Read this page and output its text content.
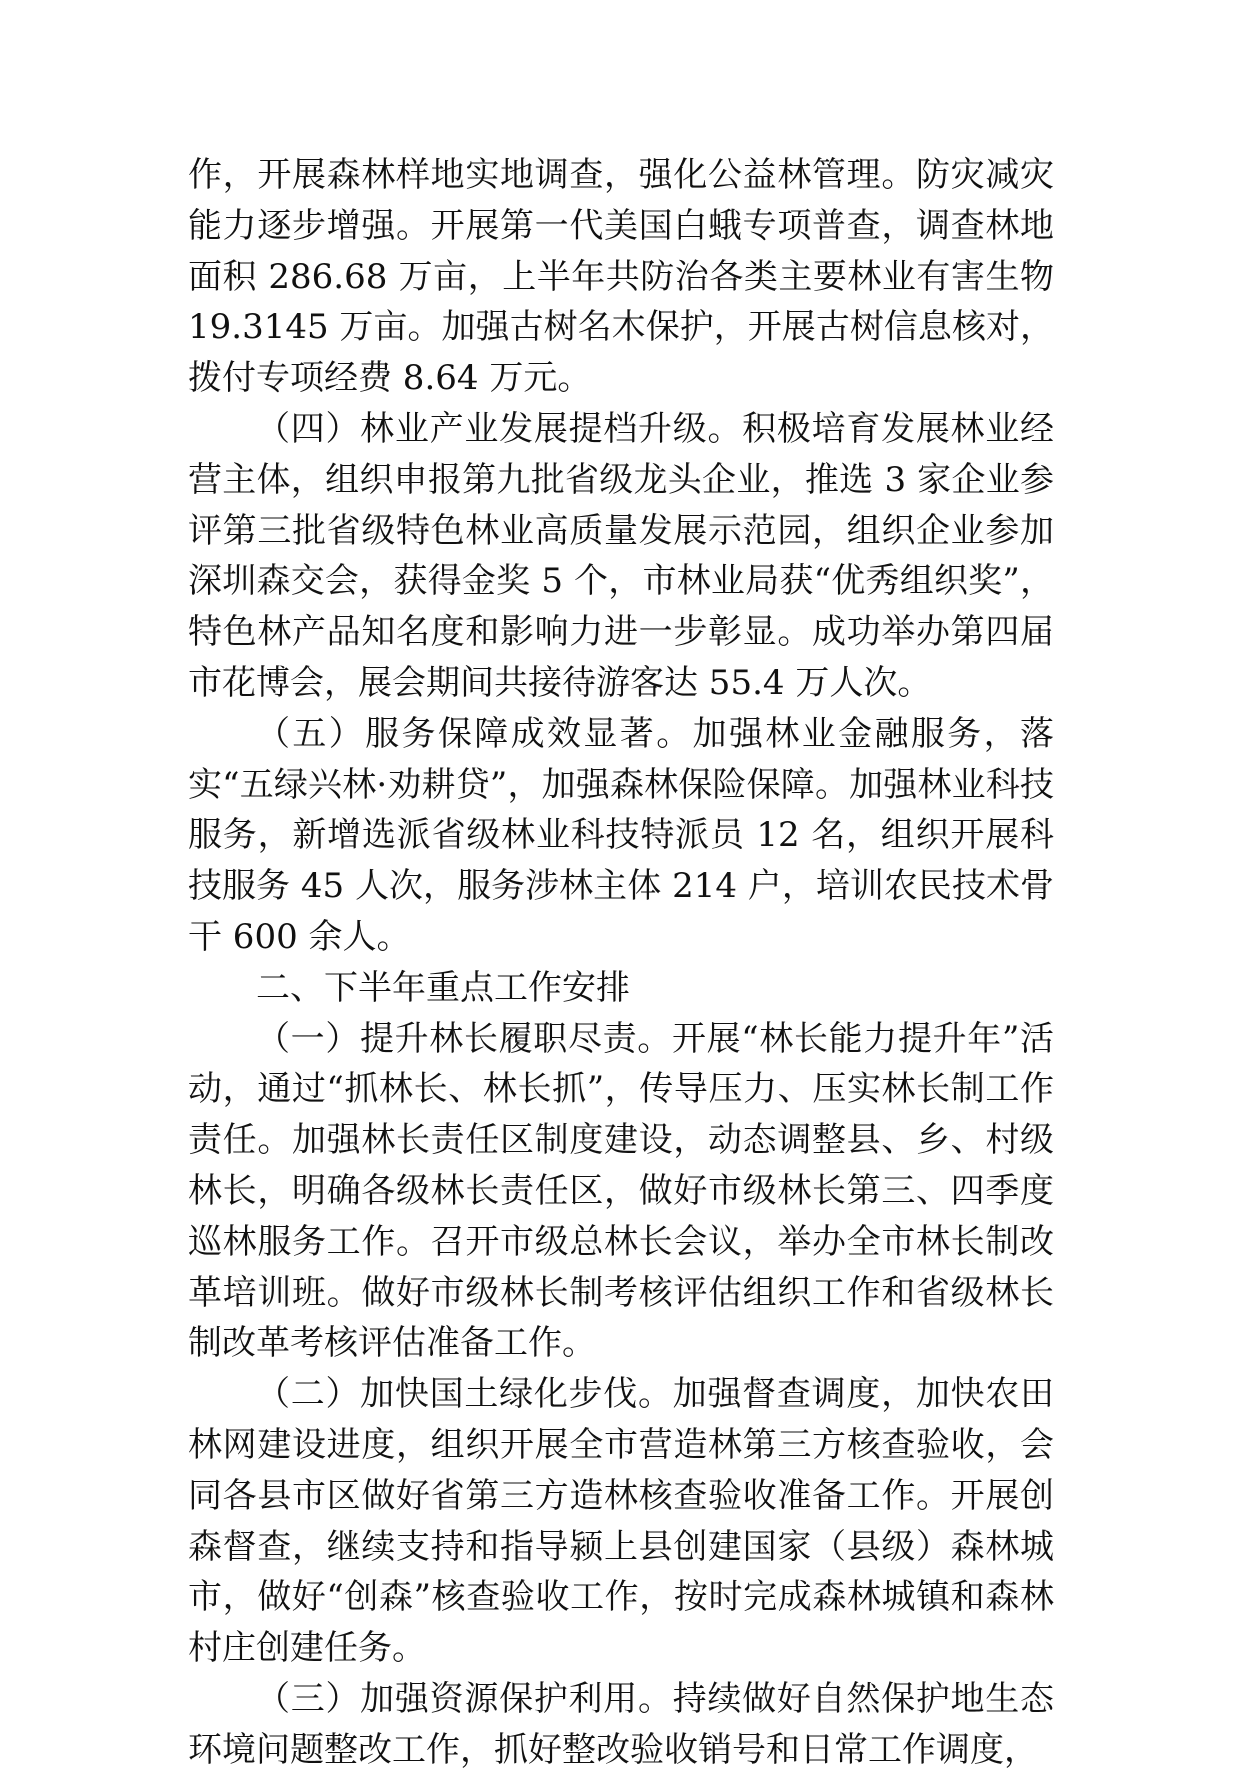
作，开展森林样地实地调查，强化公益林管理。防灾减灾能力逐步增强。开展第一代美国白蛾专项普查，调查林地面积 286.68 万亩，上半年共防治各类主要林业有害生物 19.3145 万亩。加强古树名木保护，开展古树信息核对，拨付专项经费 8.64 万元。

（四）林业产业发展提档升级。积极培育发展林业经营主体，组织申报第九批省级龙头企业，推选 3 家企业参评第三批省级特色林业高质量发展示范园，组织企业参加深圳森交会，获得金奖 5 个，市林业局获“优秀组织奖”，特色林产品知名度和影响力进一步彰显。成功举办第四届市花博会，展会期间共接待游客达 55.4 万人次。

（五）服务保障成效显著。加强林业金融服务，落实“五绿兴林·劝耕贷”，加强森林保险保障。加强林业科技服务，新增选派省级林业科技特派员 12 名，组织开展科技服务 45 人次，服务涉林主体 214 户，培训农民技术骨干 600 余人。

二、下半年重点工作安排

（一）提升林长履职尽责。开展“林长能力提升年”活动，通过“抓林长、林长抓”，传导压力、压实林长制工作责任。加强林长责任区制度建设，动态调整县、乡、村级林长，明确各级林长责任区，做好市级林长第三、四季度巡林服务工作。召开市级总林长会议，举办全市林长制改革培训班。做好市级林长制考核评估组织工作和省级林长制改革考核评估准备工作。

（二）加快国土绿化步伐。加强督查调度，加快农田林网建设进度，组织开展全市营造林第三方核查验收，会同各县市区做好省第三方造林核查验收准备工作。开展创森督查，继续支持和指导颍上县创建国家（县级）森林城市，做好“创森”核查验收工作，按时完成森林城镇和森林村庄创建任务。

（三）加强资源保护利用。持续做好自然保护地生态环境问题整改工作，抓好整改验收销号和日常工作调度，
